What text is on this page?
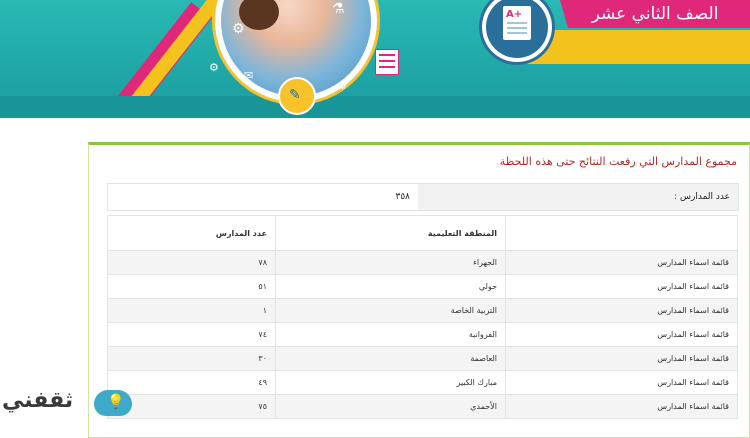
⚙
⚗
✉
⚙
⚙
✎
الصف الثاني عشر
A+
مجموع المدارس التي رفعت النتائج حتى هذه اللحظة
عدد المدارس :
٣٥٨
	المنطقة التعليمية	عدد المدارس
قائمة اسماء المدارس	الجهراء	٧٨
قائمة اسماء المدارس	حولي	٥١
قائمة اسماء المدارس	التربية الخاصة	١
قائمة اسماء المدارس	الفروانية	٧٤
قائمة اسماء المدارس	العاصمة	٣٠
قائمة اسماء المدارس	مبارك الكبير	٤٩
قائمة اسماء المدارس	الأحمدي	٧٥
ثقفني 💡
